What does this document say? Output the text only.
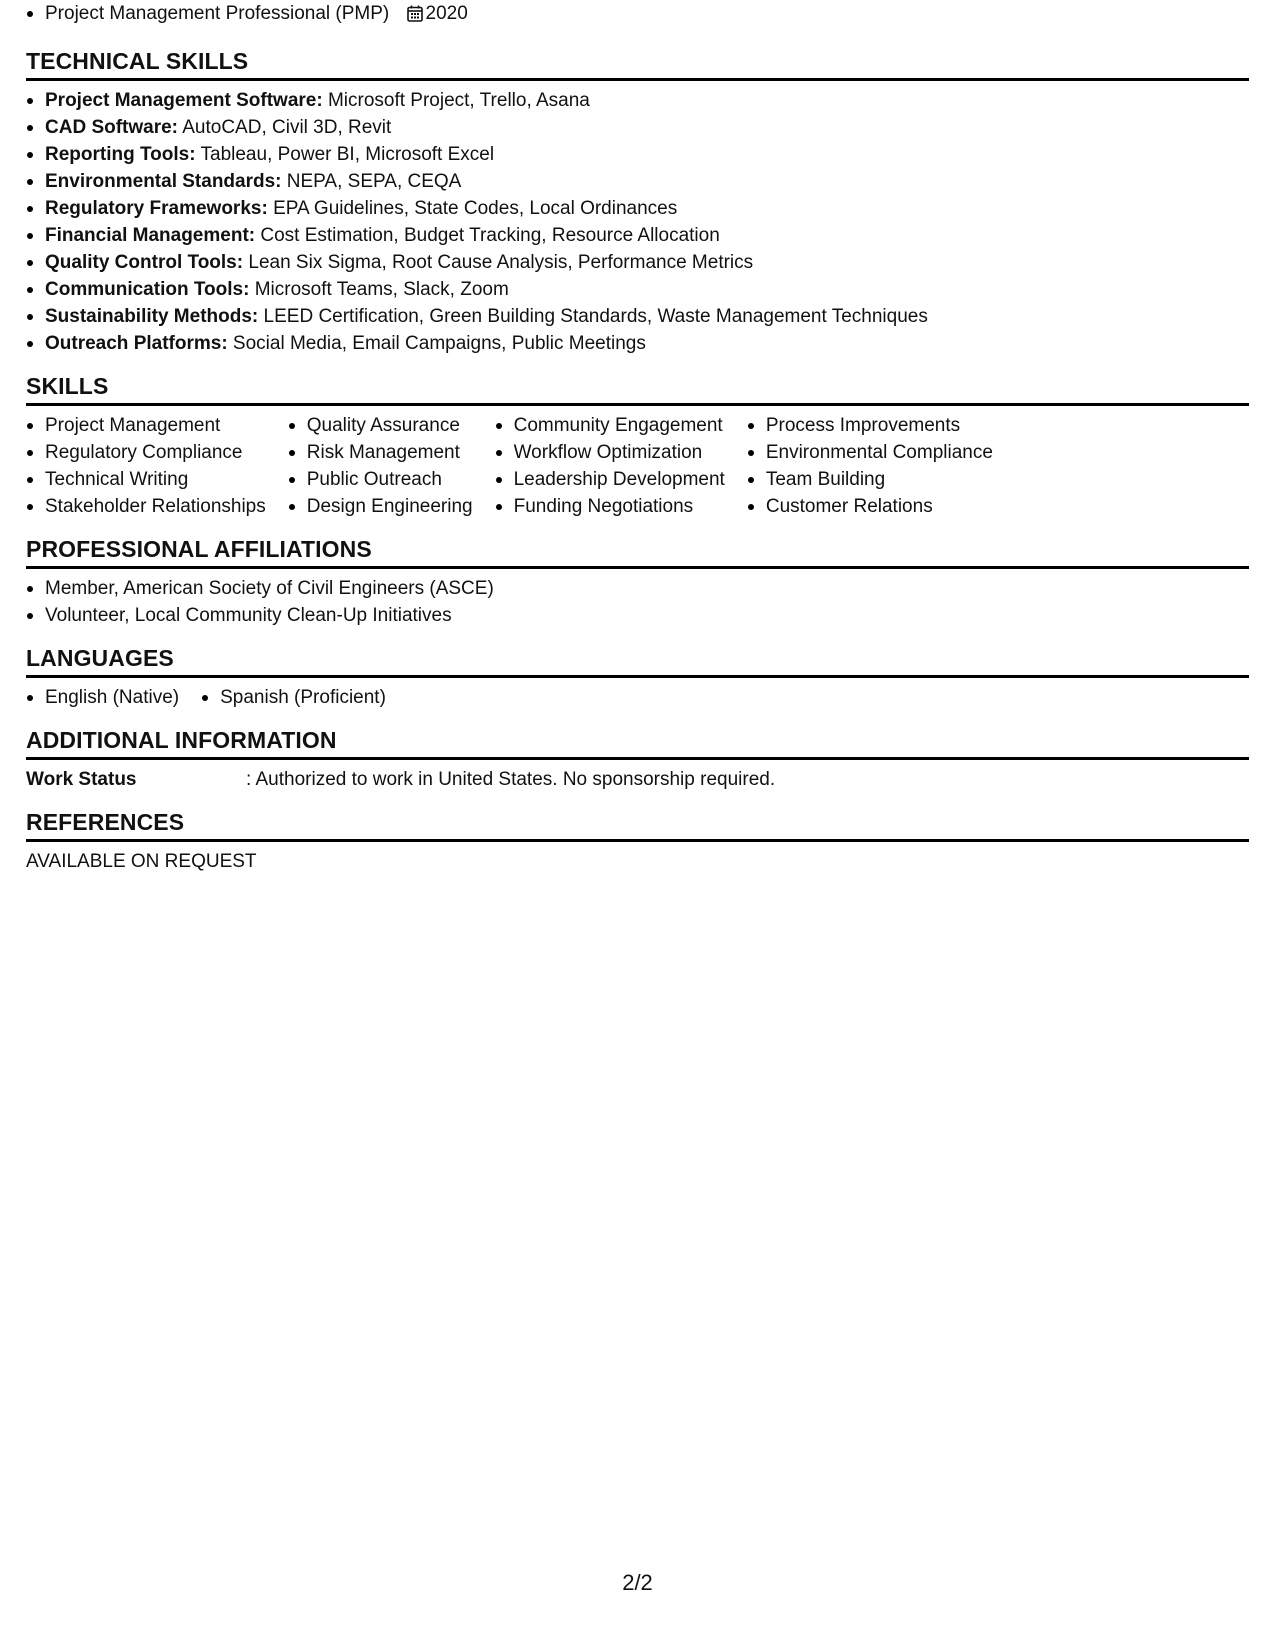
Project Management Professional (PMP) 2020
TECHNICAL SKILLS
Project Management Software: Microsoft Project, Trello, Asana
CAD Software: AutoCAD, Civil 3D, Revit
Reporting Tools: Tableau, Power BI, Microsoft Excel
Environmental Standards: NEPA, SEPA, CEQA
Regulatory Frameworks: EPA Guidelines, State Codes, Local Ordinances
Financial Management: Cost Estimation, Budget Tracking, Resource Allocation
Quality Control Tools: Lean Six Sigma, Root Cause Analysis, Performance Metrics
Communication Tools: Microsoft Teams, Slack, Zoom
Sustainability Methods: LEED Certification, Green Building Standards, Waste Management Techniques
Outreach Platforms: Social Media, Email Campaigns, Public Meetings
SKILLS
Project Management
Regulatory Compliance
Technical Writing
Stakeholder Relationships
Quality Assurance
Risk Management
Public Outreach
Design Engineering
Community Engagement
Workflow Optimization
Leadership Development
Funding Negotiations
Process Improvements
Environmental Compliance
Team Building
Customer Relations
PROFESSIONAL AFFILIATIONS
Member, American Society of Civil Engineers (ASCE)
Volunteer, Local Community Clean-Up Initiatives
LANGUAGES
English (Native)	Spanish (Proficient)
ADDITIONAL INFORMATION
Work Status	: Authorized to work in United States. No sponsorship required.
REFERENCES
AVAILABLE ON REQUEST
2/2
